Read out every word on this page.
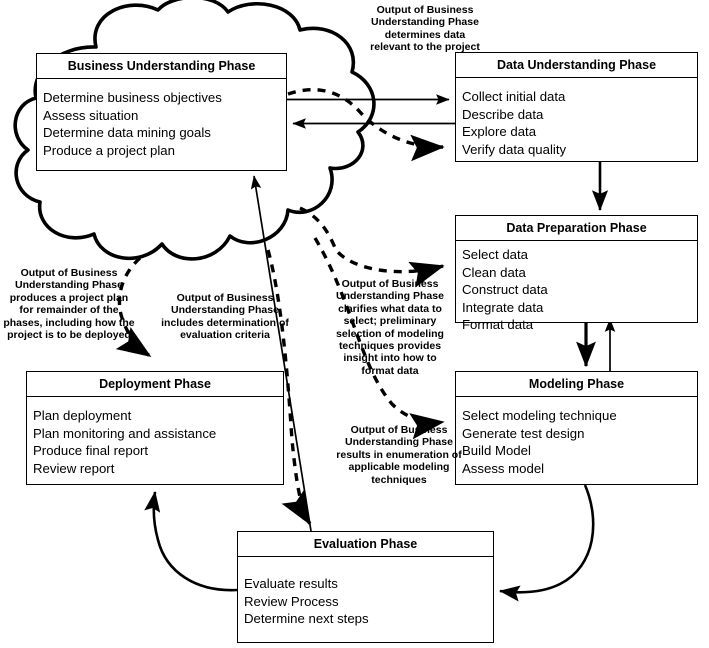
Business Understanding Phase
Determine business objectives
Assess situation
Determine data mining goals
Produce a project plan
Data Understanding Phase
Collect initial data
Describe data
Explore data
Verify data quality
Data Preparation Phase
Select data
Clean data
Construct data
Integrate data
Format data
Modeling Phase
Select modeling technique
Generate test design
Build Model
Assess model
Deployment Phase
Plan deployment
Plan monitoring and assistance
Produce final report
Review report
Evaluation Phase
Evaluate results
Review Process
Determine next steps
Output of Business Understanding Phase determines data relevant to the project
Output of Business Understanding Phase produces a project plan for remainder of the phases, including how the project is to be deployed
Output of Business Understanding Phase includes determination of evaluation criteria
Output of Business Understanding Phase clarifies what data to select; preliminary selection of modeling techniques provides insight into how to format data
Output of Business Understanding Phase results in enumeration of applicable modeling techniques
